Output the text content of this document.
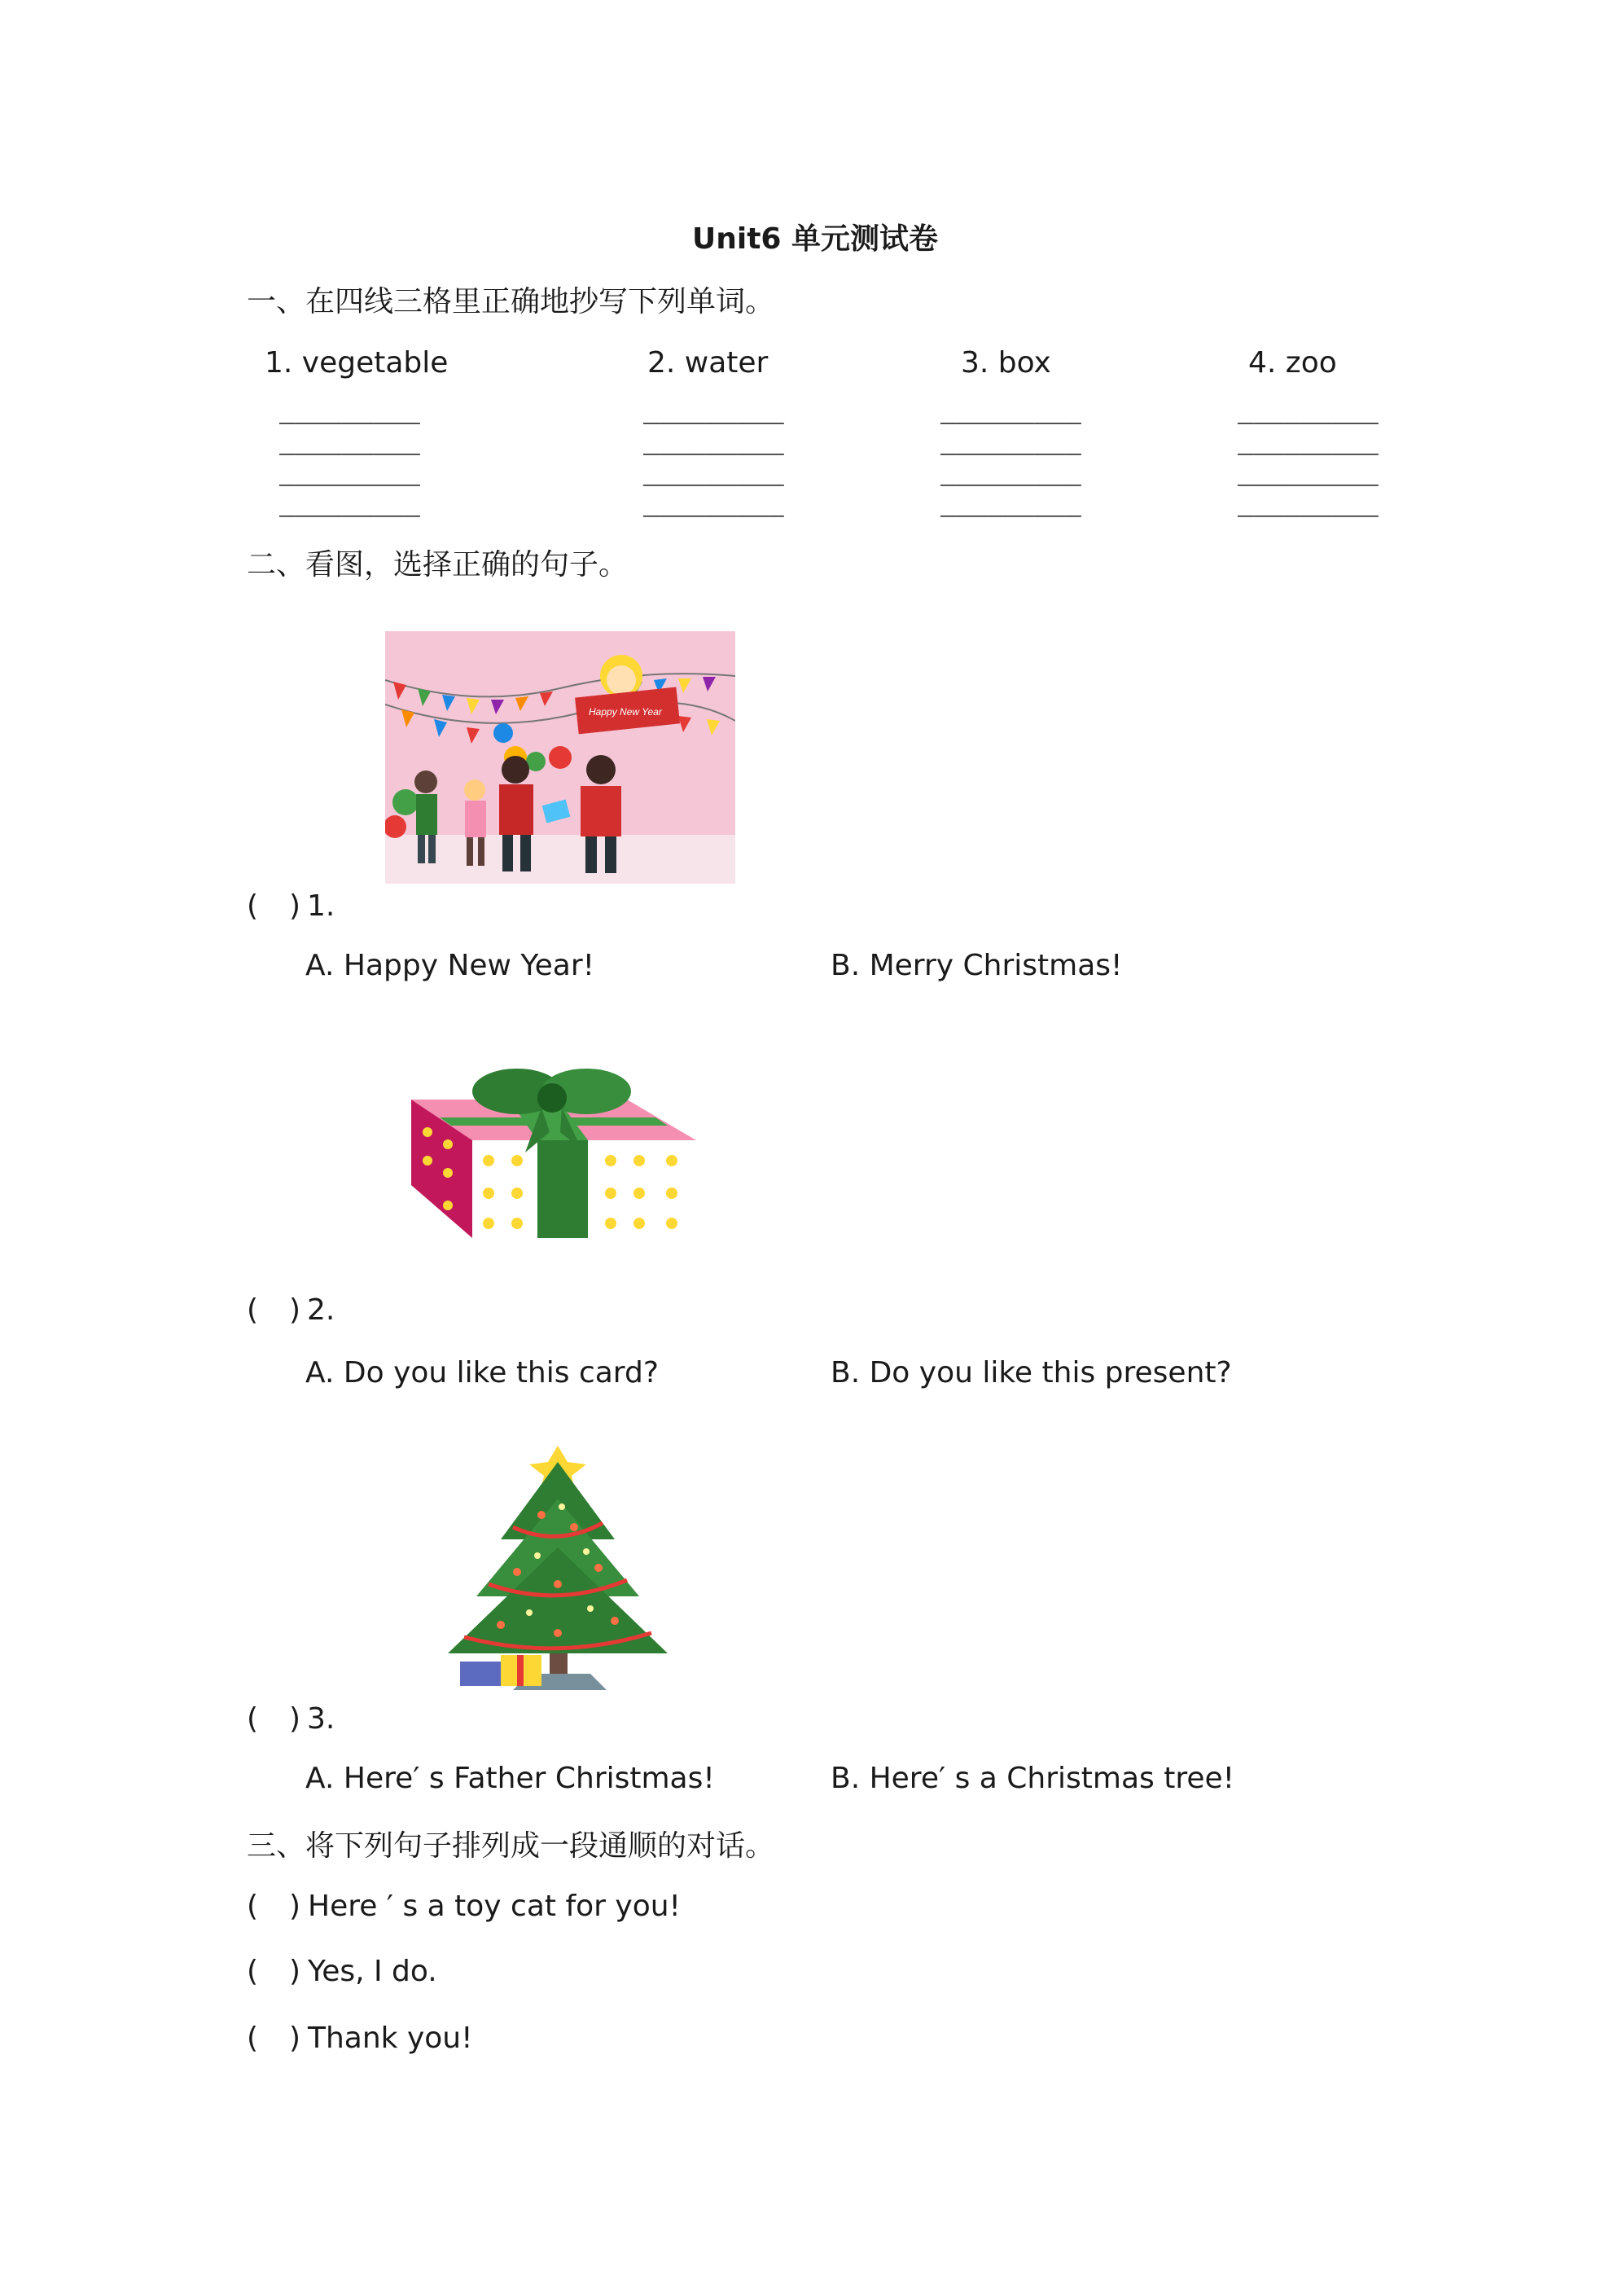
Unit6 单元测试卷
一、在四线三格里正确地抄写下列单词。
1. vegetable	2. water	3. box	4. zoo
_________
_________
_________
_________
_________
_________
_________
_________
_________
_________
_________
_________
_________
_________
_________
_________
二、看图，选择正确的句子。
Happy New Year
( ) 1.
A. Happy New Year!	B. Merry Christmas!
( ) 2.
A. Do you like this card?	B. Do you like this present?
( ) 3.
A. Here′ s Father Christmas!	B. Here′ s a Christmas tree!
三、将下列句子排列成一段通顺的对话。
( ) Here ′ s a toy cat for you!
( ) Yes, I do.
( ) Thank you!
